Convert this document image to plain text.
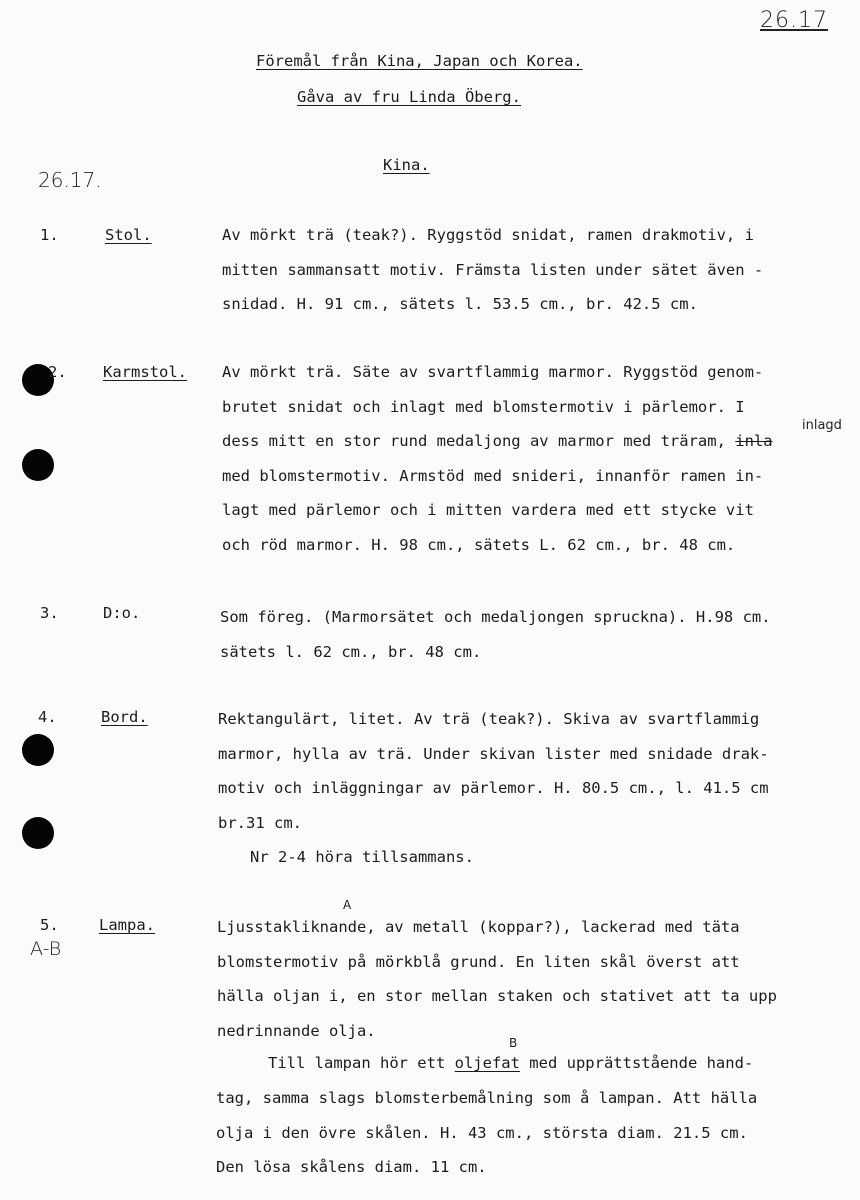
26.17
Föremål från Kina, Japan och Korea.
Gåva av fru Linda Öberg.
Kina.
26.17.
1.	Stol.	Av mörkt trä (teak?). Ryggstöd snidat, ramen drakmotiv, i
mitten sammansatt motiv. Främsta listen under sätet även -
snidad. H. 91 cm., sätets l. 53.5 cm., br. 42.5 cm.
2. Karmstol. Av mörkt trä. Säte av svartflammig marmor. Ryggstöd genom-
brutet snidat och inlagt med blomstermotiv i pärlemor. I
dess mitt en stor rund medaljong av marmor med träram, inla
med blomstermotiv. Armstöd med snideri, innanför ramen in-
lagt med pärlemor och i mitten vardera med ett stycke vit
och röd marmor. H. 98 cm., sätets L. 62 cm., br. 48 cm.
inlagd
3.	D:o.	Som föreg. (Marmorsätet och medaljongen spruckna). H.98 cm.
sätets l. 62 cm., br. 48 cm.
4.	Bord.	Rektangulärt, litet. Av trä (teak?). Skiva av svartflammig
marmor, hylla av trä. Under skivan lister med snidade drak-
motiv och inläggningar av pärlemor. H. 80.5 cm., l. 41.5 cm
br.31 cm.
Nr 2-4 höra tillsammans.
5.	Lampa.
A-B
A
Ljusstakliknande, av metall (koppar?), lackerad med täta
blomstermotiv på mörkblå grund. En liten skål överst att
hälla oljan i, en stor mellan staken och stativet att ta upp
nedrinnande olja.
B
Till lampan hör ett oljefat med upprättstående hand-
tag, samma slags blomsterbemålning som å lampan. Att hälla
olja i den övre skålen. H. 43 cm., största diam. 21.5 cm.
Den lösa skålens diam. 11 cm.
